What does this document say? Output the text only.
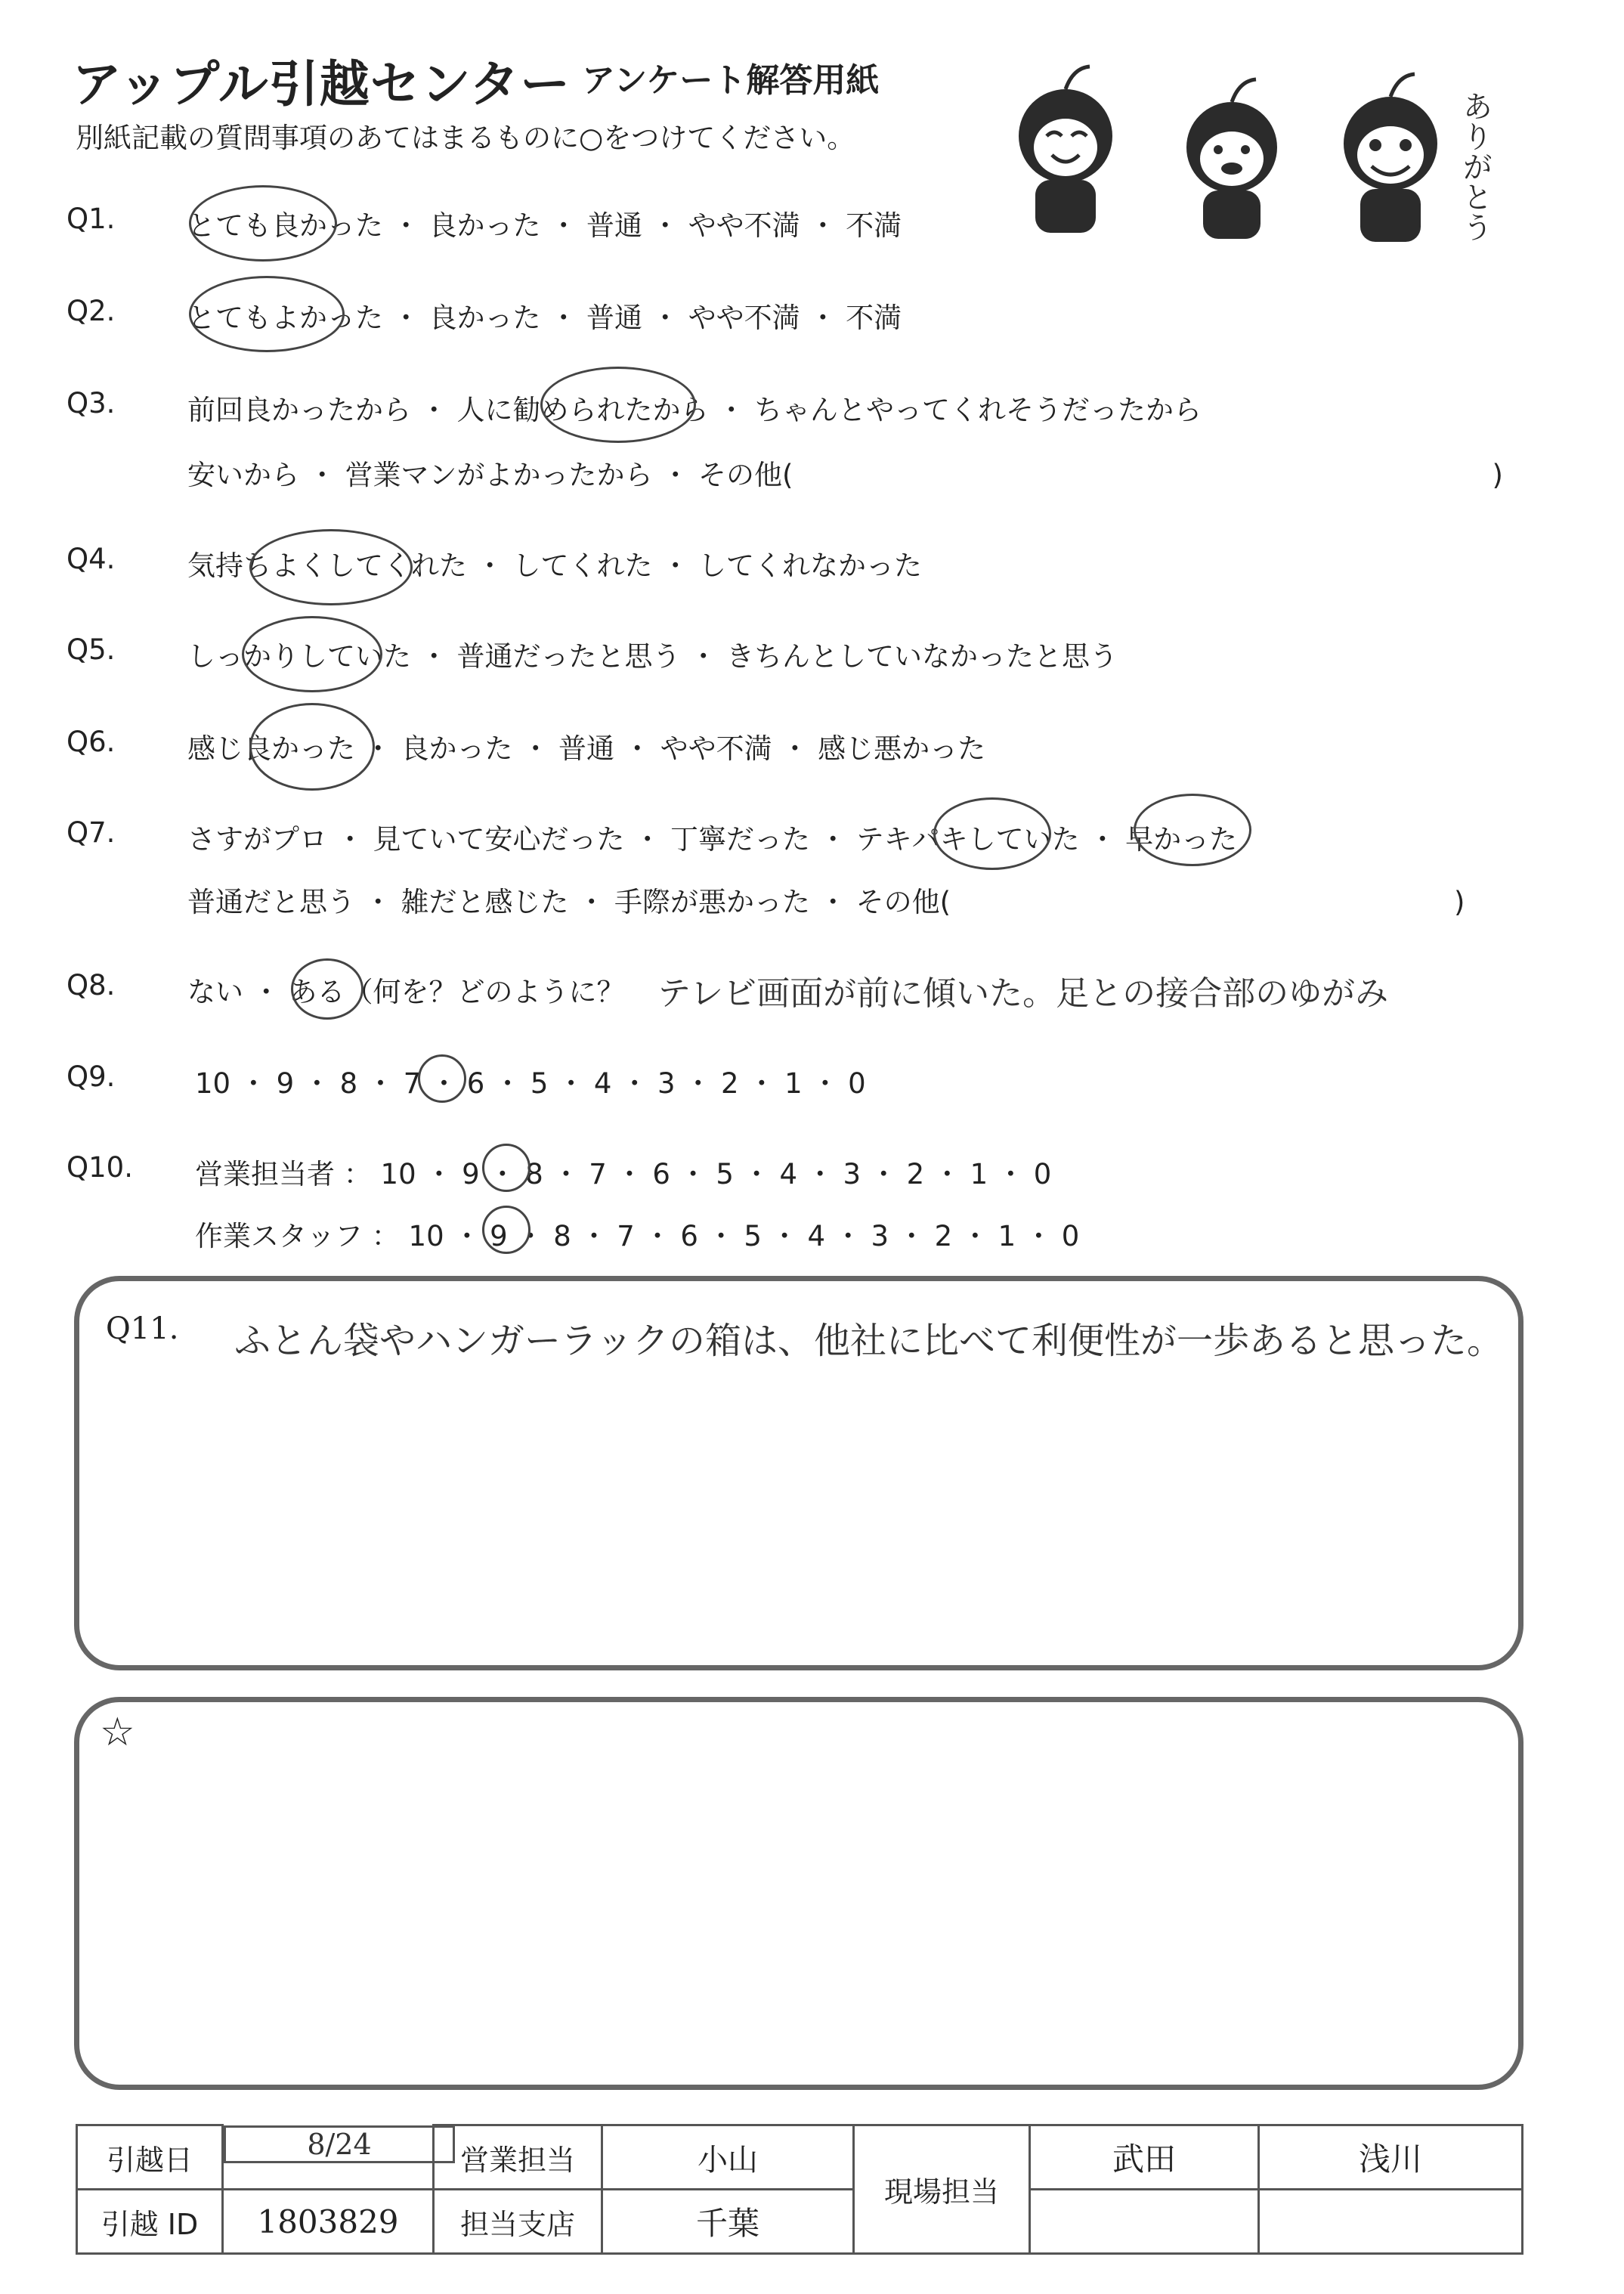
アップル引越センター アンケート解答用紙
別紙記載の質問事項のあてはまるものに○をつけてください。	ありがとう
Q1.	とても良かった ・ 良かった ・ 普通 ・ やや不満 ・ 不満
Q2.	とてもよかった ・ 良かった ・ 普通 ・ やや不満 ・ 不満
Q3.	前回良かったから ・ 人に勧められたから ・ ちゃんとやってくれそうだったから
安いから ・ 営業マンがよかったから ・ その他(　　　　　　　　　　　　　　　　　　　　　　　　　)
Q4.	気持ちよくしてくれた ・ してくれた ・ してくれなかった
Q5.	しっかりしていた ・ 普通だったと思う ・ きちんとしていなかったと思う
Q6.	感じ良かった ・ 良かった ・ 普通 ・ やや不満 ・ 感じ悪かった
Q7.	さすがプロ ・ 見ていて安心だった ・ 丁寧だった ・ テキパキしていた ・ 早かった
普通だと思う ・ 雑だと感じた ・ 手際が悪かった ・ その他(　　　　　　　　　　　　　　　　　　)
Q8.	ない ・ ある（何を？どのように？ テレビ画面が前に傾いた。足との接合部のゆがみ
Q9.	10 ・ 9 ・ 8 ・ 7 ・ 6 ・ 5 ・ 4 ・ 3 ・ 2 ・ 1 ・ 0
Q10. 営業担当者 ： 10 ・ 9 ・ 8 ・ 7 ・ 6 ・ 5 ・ 4 ・ 3 ・ 2 ・ 1 ・ 0
作業スタッフ ： 10 ・ 9 ・ 8 ・ 7 ・ 6 ・ 5 ・ 4 ・ 3 ・ 2 ・ 1 ・ 0
Q11. ふとん袋やハンガーラックの箱は、他社に比べて利便性が一歩あると思った。
☆
引越日		8/24	営業担当	小山	現場担当	武田	浅川
引越 ID	1803829	担当支店	千葉			
